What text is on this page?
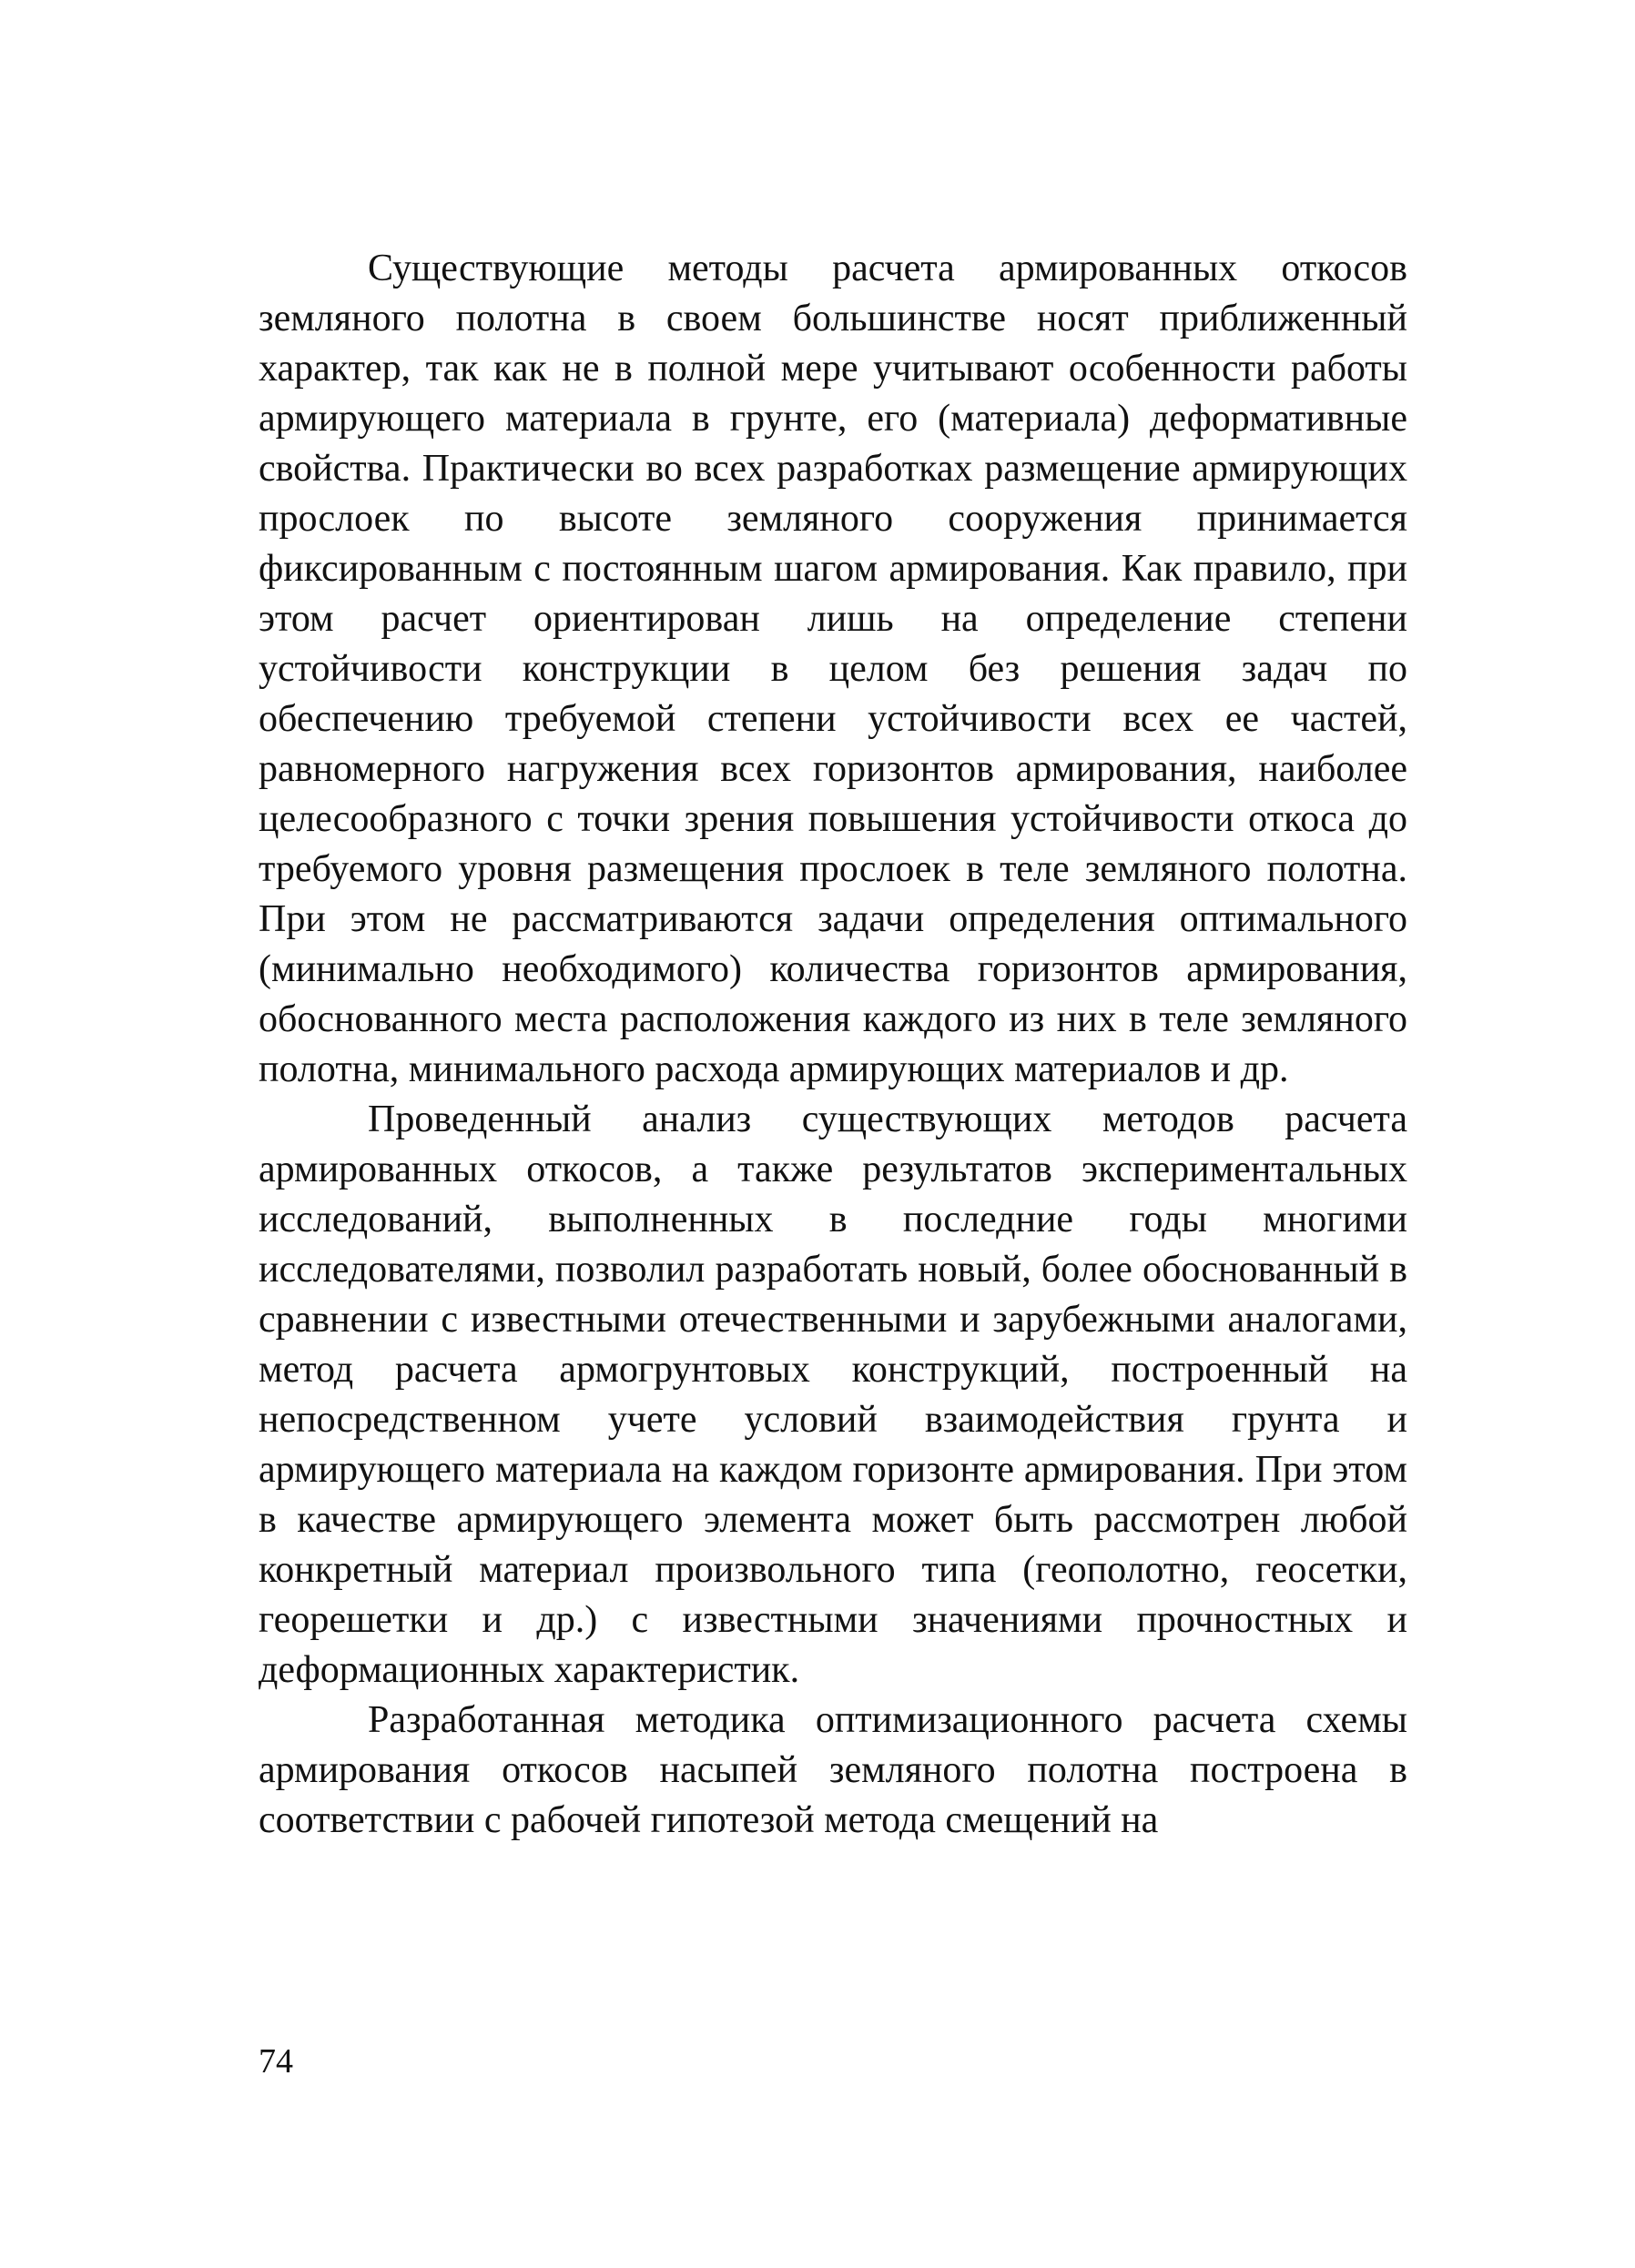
Существующие методы расчета армированных откосов земляного полотна в своем большинстве носят приближенный характер, так как не в полной мере учитывают особенности работы армирующего материала в грунте, его (материала) деформативные свойства. Практически во всех разработках размещение армирующих прослоек по высоте земляного сооружения принимается фиксированным с постоянным шагом армирования. Как правило, при этом расчет ориентирован лишь на определение степени устойчивости конструкции в целом без решения задач по обеспечению требуемой степени устойчивости всех ее частей, равномерного нагружения всех горизонтов армирования, наиболее целесообразного с точки зрения повышения устойчивости откоса до требуемого уровня размещения прослоек в теле земляного полотна. При этом не рассматриваются задачи определения оптимального (минимально необходимого) количества горизонтов армирования, обоснованного места расположения каждого из них в теле земляного полотна, минимального расхода армирующих материалов и др.

Проведенный анализ существующих методов расчета армированных откосов, а также результатов экспериментальных исследований, выполненных в последние годы многими исследователями, позволил разработать новый, более обоснованный в сравнении с известными отечественными и зарубежными аналогами, метод расчета армогрунтовых конструкций, построенный на непосредственном учете условий взаимодействия грунта и армирующего материала на каждом горизонте армирования. При этом в качестве армирующего элемента может быть рассмотрен любой конкретный материал произвольного типа (геополотно, геосетки, георешетки и др.) с известными значениями прочностных и деформационных характеристик.

Разработанная методика оптимизационного расчета схемы армирования откосов насыпей земляного полотна построена в соответствии с рабочей гипотезой метода смещений на

74
